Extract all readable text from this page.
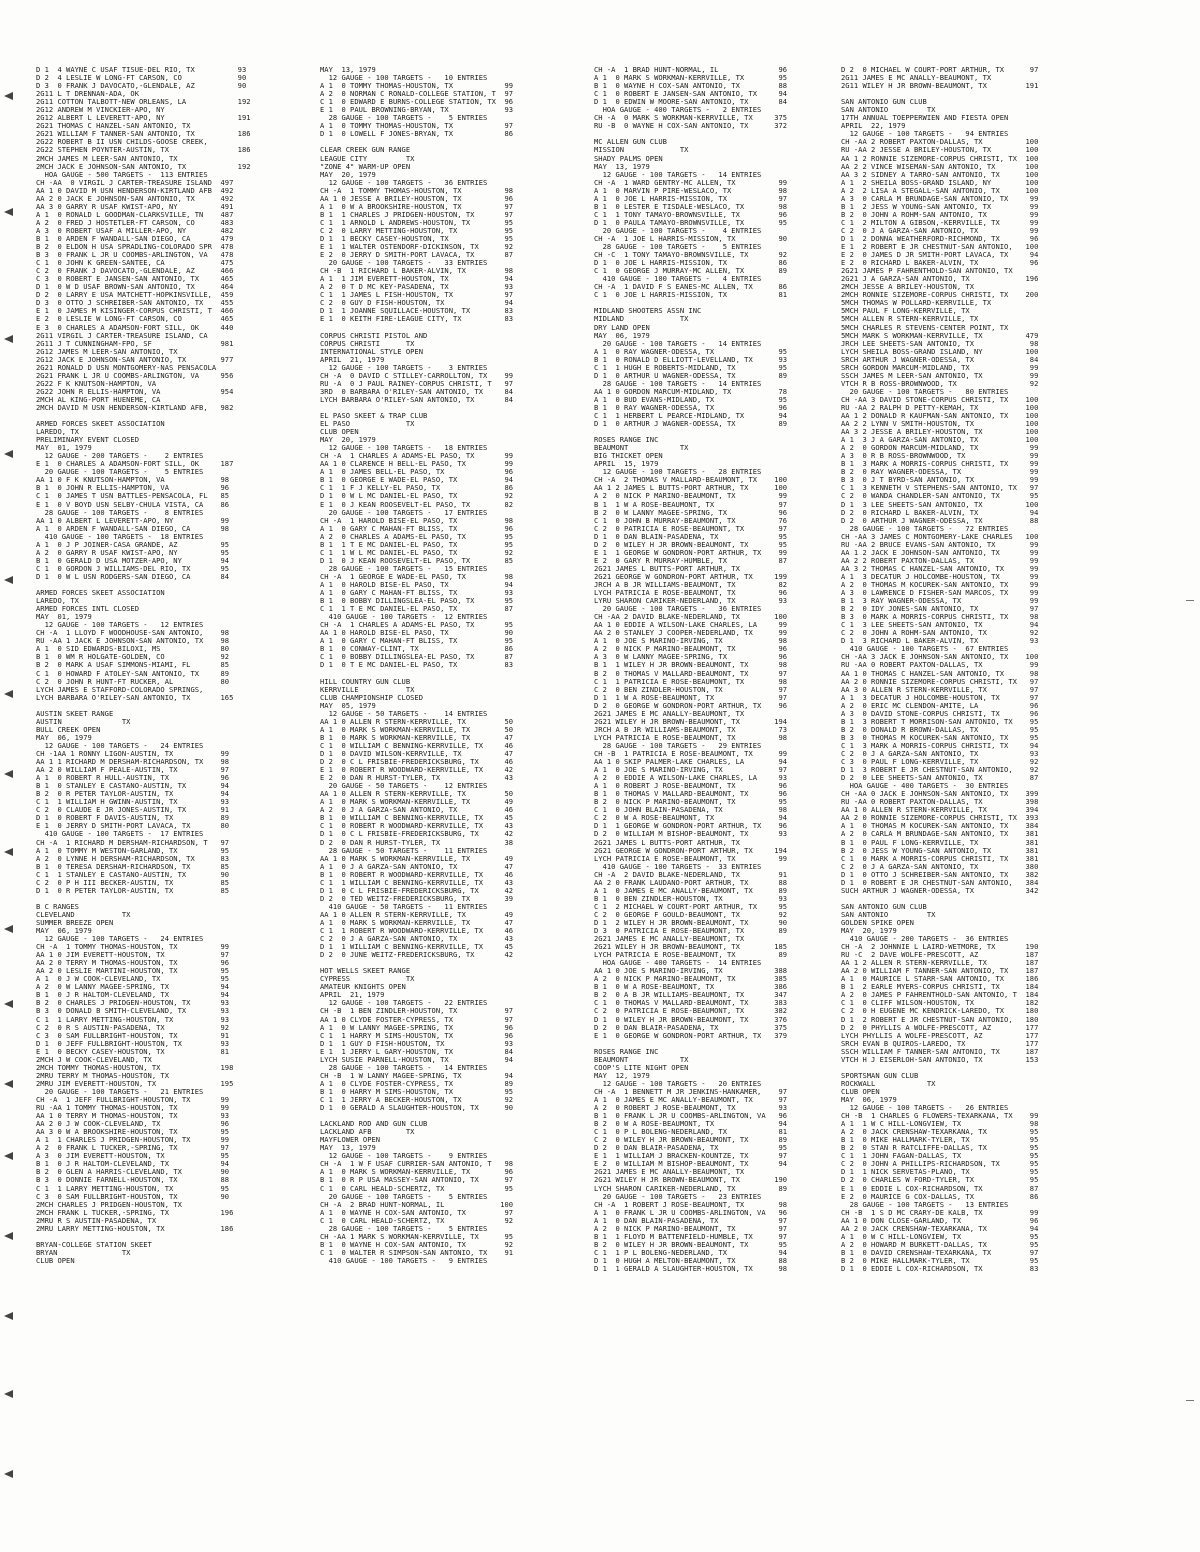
D 1  4 WAYNE C USAF TISUE-DEL RIO, TX          93
D 2  4 LESLIE W LONG-FT CARSON, CO             90
D 3  0 FRANK J DAVOCATO,-GLENDALE, AZ          90
2G11 L T DRENNAN-ADA, OK
2G11 COTTON TALBOTT-NEW ORLEANS, LA            192
2G12 ANDREW M VINCKIER-APO, NY
2G12 ALBERT L LEVERETT-APO, NY                 191
2G21 THOMAS C HANZEL-SAN ANTONIO, TX
2G21 WILLIAM F TANNER-SAN ANTONIO, TX          186
2G22 ROBERT B II USN CHILDS-GOOSE CREEK,
2G22 STEPHEN POYNTER-AUSTIN, TX                186
2MCH JAMES M LEER-SAN ANTONIO, TX
2MCH JACK E JOHNSON-SAN ANTONIO, TX            192
HOA GAUGE - 500 TARGETS -  113 ENTRIES
CH -AA  0 VIRGIL J CARTER-TREASURE ISLAND  497
AA 1 0 DAVID M USN HENDERSON-KIRTLAND AFB  492
AA 2 0 JACK E JOHNSON-SAN ANTONIO, TX      492
AA 3 0 GARRY R USAF KWIST-APO, NY          491
A 1  0 RONALD L GOODMAN-CLARKSVILLE, TN    487
A 2  0 FRED J HOSTETLER-FT CARSON, CO      483
A 3  0 ROBERT USAF A MILLER-APO, NY        482
B 1  0 ARDEN F WANDALL-SAN DIEGO, CA       479
B 2  0 ELDON H USA SPRADLING-COLORADO SPR  478
B 3  0 FRANK L JR U COOMBS-ARLINGTON, VA   478
C 1  0 JOHN K GREEN-SANTEE, CA             475
C 2  0 FRANK J DAVOCATO,-GLENDALE, AZ      466
C 3  0 ROBERT E JANSEN-SAN ANTONIO, TX     465
D 1  0 W D USAF BROWN-SAN ANTONIO, TX      464
D 2  0 LARRY E USA MATCHETT-HOPKINSVILLE,  459
D 3  0 OTTO J SCHREIBER-SAN ANTONIO, TX    455
E 1  0 JAMES M KISINGER-CORPUS CHRISTI, T  466
E 2  0 LESLIE W LONG-FT CARSON, CO         465
E 3  0 CHARLES A ADAMSON-FORT SILL, OK     440
2G11 VIRGIL J CARTER-TREASURE ISLAND, CA
2G11 J T CUNNINGHAM-FPO, SF                981
2G12 JAMES M LEER-SAN ANTONIO, TX
2G12 JACK E JOHNSON-SAN ANTONIO, TX        977
2G21 RONALD D USN MONTGOMERY-NAS PENSACOLA
2G21 FRANK L JR U COOMBS-ARLINGTON, VA     956
2G22 F K KNUTSON-HAMPTON, VA
2G22 JOHN R ELLIS-HAMPTON, VA              954
2MCH AL KING-PORT HUENEME, CA
2MCH DAVID M USN HENDERSON-KIRTLAND AFB,   982
ARMED FORCES SKEET ASSOCIATION
LAREDO, TX
PRELIMINARY EVENT CLOSED
MAY  01, 1979
12 GAUGE - 200 TARGETS -    2 ENTRIES
E 1  0 CHARLES A ADAMSON-FORT SILL, OK     187
20 GAUGE - 100 TARGETS -    5 ENTRIES
AA 1 0 F K KNUTSON-HAMPTON, VA             98
B 1  0 JOHN R ELLIS-HAMPTON, VA            96
C 1  0 JAMES T USN BATTLES-PENSACOLA, FL   85
E 1  0 V BOYD USN SELBY-CHULA VISTA, CA    86
28 GAUGE - 100 TARGETS -    8 ENTRIES
AA 1 0 ALBERT L LEVERETT-APO, NY           99
A 1  0 ARDEN F WANDALL-SAN DIEGO, CA       98
410 GAUGE - 100 TARGETS -  18 ENTRIES
A 1  0 J P JOINER-CASA GRANDE, AZ          95
A 2  0 GARRY R USAF KWIST-APO, NY          95
B 1  0 GERALD D USA MOTZER-APO, NY         94
C 1  0 GORDON J WILLIAMS-DEL RIO, TX       95
D 1  0 W L USN RODGERS-SAN DIEGO, CA       84
ARMED FORCES SKEET ASSOCIATION
LAREDO, TX
ARMED FORCES INTL CLOSED
MAY  01, 1979
12 GAUGE - 100 TARGETS -   12 ENTRIES
CH -A  1 LLOYD F WOODHOUSE-SAN ANTONIO,    98
RU -AA 1 JACK E JOHNSON-SAN ANTONIO, TX    98
A 1  0 SID EDWARDS-BILOXI, MS              80
B 1  0 WM R HOLGATE-GOLDEN, CO             92
B 2  0 MARK A USAF SIMMONS-MIAMI, FL       85
C 1  0 HOWARD F ATOLEY-SAN ANTONIO, TX     89
C 2  0 JOHN R HUNT-FT RUCKER, AL           80
LYCH JAMES E STAFFORD-COLORADO SPRINGS,
LYCH BARBARA O'RILEY-SAN ANTONIO, TX       165
AUSTIN SKEET RANGE
AUSTIN              TX
BULL CREEK OPEN
MAY  06, 1979
12 GAUGE - 100 TARGETS -   24 ENTRIES
CH -1AA 1 RONNY LIGON-AUSTIN, TX           99
AA 1 1 RICHARD M DERSHAM-RICHARDSON, TX    98
AA 2 0 WILLIAM F PEALE-AUSTIN, TX          97
A 1  0 ROBERT R HULL-AUSTIN, TX            96
B 1  0 STANLEY E CASTANO-AUSTIN, TX        94
B 2  0 R PETER TAYLOR-AUSTIN, TX           94
C 1  1 WILLIAM H GWINN-AUSTIN, TX          93
C 2  0 CLAUDE E JR JONES-AUSTIN, TX        91
D 1  0 ROBERT F DAVIS-AUSTIN, TX           89
E 1  0 JERRY D SMITH-PORT LAVACA, TX       80
410 GAUGE - 100 TARGETS -  17 ENTRIES
CH -A  1 RICHARD M DERSHAM-RICHARDSON, T   97
A 1  0 TOMMY M WESTON-GARLAND, TX          95
A 2  0 LYNNE H DERSHAM-RICHARDSON, TX      83
B 1  0 TERESA DERSHAM-RICHARDSON, TX       85
C 1  1 STANLEY E CASTANO-AUSTIN, TX        90
C 2  0 P H III BECKER-AUSTIN, TX           85
D 1  0 R PETER TAYLOR-AUSTIN, TX           85
B C RANGES
CLEVELAND           TX
SUMMER BREEZE OPEN
MAY  06, 1979
12 GAUGE - 100 TARGETS -   24 ENTRIES
CH -A  1 TOMMY THOMAS-HOUSTON, TX          99
AA 1 0 JIM EVERETT-HOUSTON, TX             97
AA 2 0 TERRY M THOMAS-HOUSTON, TX          96
AA 2 0 LESLIE MARTINI-HOUSTON, TX          95
A 1  0 J W COOK-CLEVELAND, TX              95
A 2  0 W LANNY MAGEE-SPRING, TX            94
B 1  0 J R HALTOM-CLEVELAND, TX            94
B 2  0 CHARLES J PRIDGEN-HOUSTON, TX       93
B 3  0 DONALD B SMITH-CLEVELAND, TX        93
C 1  1 LARRY METTING-HOUSTON, TX           93
C 2  0 R S AUSTIN-PASADENA, TX             92
C 3  0 SAM FULLBRIGHT-HOUSTON, TX          91
D 1  0 JEFF FULLBRIGHT-HOUSTON, TX         93
E 1  0 BECKY CASEY-HOUSTON, TX             81
2MCH J W COOK-CLEVELAND, TX
2MCH TOMMY THOMAS-HOUSTON, TX              198
2MRU TERRY M THOMAS-HOUSTON, TX
2MRU JIM EVERETT-HOUSTON, TX               195
20 GAUGE - 100 TARGETS -   21 ENTRIES
CH -A  1 JEFF FULLBRIGHT-HOUSTON, TX       99
RU -AA 1 TOMMY THOMAS-HOUSTON, TX          99
AA 1 0 TERRY M THOMAS-HOUSTON, TX          93
AA 2 0 J W COOK-CLEVELAND, TX              96
AA 3 0 W A BROOKSHIRE-HOUSTON, TX          95
A 1  1 CHARLES J PRIDGEN-HOUSTON, TX       99
A 2  0 FRANK L TUCKER,-SPRING, TX          97
A 3  0 JIM EVERETT-HOUSTON, TX             95
B 1  0 J R HALTOM-CLEVELAND, TX            94
B 2  0 GLEN A HARRIS-CLEVELAND, TX         90
B 3  0 DONNIE FARNELL-HOUSTON, TX          88
C 1  1 LARRY METTING-HOUSTON, TX           95
C 3  0 SAM FULLBRIGHT-HOUSTON, TX          90
2MCH CHARLES J PRIDGEN-HOUSTON, TX
2MCH FRANK L TUCKER,-SPRING, TX            196
2MRU R S AUSTIN-PASADENA, TX
2MRU LARRY METTING-HOUSTON, TX             186
BRYAN-COLLEGE STATION SKEET
BRYAN               TX
CLUB OPEN
MAY  13, 1979
12 GAUGE - 100 TARGETS -   10 ENTRIES
A 1  0 TOMMY THOMAS-HOUSTON, TX            99
A 2  0 NORMAN C RONALD-COLLEGE STATION, T  97
C 1  0 EDWARD E BURNS-COLLEGE STATION, TX  96
E 1  0 PAUL BROWNING-BRYAN, TX             93
28 GAUGE - 100 TARGETS -    5 ENTRIES
A 1  0 TOMMY THOMAS-HOUSTON, TX            97
D 1  0 LOWELL F JONES-BRYAN, TX            86
CLEAR CREEK GUN RANGE
LEAGUE CITY         TX
"ZONE 4" WARM-UP OPEN
MAY  20, 1979
12 GAUGE - 100 TARGETS -   36 ENTRIES
CH -A  1 TOMMY THOMAS-HOUSTON, TX          98
AA 1 0 JESSE A BRILEY-HOUSTON, TX          96
A 1  0 W A BROOKSHIRE-HOUSTON, TX          97
B 1  1 CHARLES J PRIDGEN-HOUSTON, TX       97
C 1  1 ARNOLD L ANDREWS-HOUSTON, TX        95
C 2  0 LARRY METTING-HOUSTON, TX           95
D 1  1 BECKY CASEY-HOUSTON, TX             95
E 1  1 WALTER OSTENDORF-DICKINSON, TX      92
E 2  0 JERRY D SMITH-PORT LAVACA, TX       87
20 GAUGE - 100 TARGETS -   33 ENTRIES
CH -B  1 RICHARD L BAKER-ALVIN, TX         98
A 1  1 JIM EVERETT-HOUSTON, TX             94
A 2  0 T D MC KEY-PASADENA, TX             93
C 1  1 JAMES L FISH-HOUSTON, TX            97
C 2  0 GUY D FISH-HOUSTON, TX              94
D 1  1 JOANNE SQUILLACE-HOUSTON, TX        83
E 1  0 KEITH FIRE-LEAGUE CITY, TX          83
CORPUS CHRISTI PISTOL AND
CORPUS CHRISTI      TX
INTERNATIONAL STYLE OPEN
APRIL  21, 1979
12 GAUGE - 100 TARGETS -    3 ENTRIES
CH -A  0 DAVID C STILLEY-CARROLLTON, TX    99
RU -A  0 J PAUL RAINEY-CORPUS CHRISTI, T   97
3RD  0 BARBARA O'RILEY-SAN ANTONIO, TX     84
LYCH BARBARA O'RILEY-SAN ANTONIO, TX       84
EL PASO SKEET & TRAP CLUB
EL PASO             TX
CLUB OPEN
MAY  20, 1979
12 GAUGE - 100 TARGETS -   18 ENTRIES
CH -A  1 CHARLES A ADAMS-EL PASO, TX       99
AA 1 0 CLARENCE H BELL-EL PASO, TX         99
A 1  0 JAMES BELL-EL PASO, TX              96
B 1  0 GEORGE E WADE-EL PASO, TX           94
C 1  1 F J KELLY-EL PASO, TX               86
D 1  0 W L MC DANIEL-EL PASO, TX           92
E 1  0 J KEAN ROOSEVELT-EL PASO, TX        82
20 GAUGE - 100 TARGETS -   17 ENTRIES
CH -A  1 HAROLD BISE-EL PASO, TX           98
A 1  0 GARY C MAHAN-FT BLISS, TX           96
A 2  0 CHARLES A ADAMS-EL PASO, TX         95
B 1  1 T E MC DANIEL-EL PASO, TX           95
C 1  1 W L MC DANIEL-EL PASO, TX           92
D 1  0 J KEAN ROOSEVELT-EL PASO, TX        85
28 GAUGE - 100 TARGETS -   15 ENTRIES
CH -A  1 GEORGE E WADE-EL PASO, TX         98
A 1  0 HAROLD BISE-EL PASO, TX             94
A 1  0 GARY C MAHAN-FT BLISS, TX           93
B 1  0 BOBBY DILLINGSLEA-EL PASO, TX       95
C 1  1 T E MC DANIEL-EL PASO, TX           87
410 GAUGE - 100 TARGETS -  12 ENTRIES
CH -A  1 CHARLES A ADAMS-EL PASO, TX       95
AA 1 0 HAROLD BISE-EL PASO, TX             90
A 1  0 GARY C MAHAN-FT BLISS, TX           95
B 1  0 CONWAY-CLINT, TX                    86
C 1  0 BOBBY DILLINGSLEA-EL PASO, TX       87
D 1  0 T E MC DANIEL-EL PASO, TX           83
HILL COUNTRY GUN CLUB
KERRVILLE           TX
CLUB CHAMPIONSHIP CLOSED
MAY  05, 1979
12 GAUGE - 50 TARGETS -    14 ENTRIES
AA 1 0 ALLEN R STERN-KERRVILLE, TX         50
A 1  0 MARK S WORKMAN-KERRVILLE, TX        50
B 1  0 MARK S WORKMAN-KERRVILLE, TX        47
C 1  0 WILLIAM C BENNING-KERRVILLE, TX     46
D 1  0 DAVID WILSON-KERRVILLE, TX          47
D 2  0 C L FRISBIE-FREDERICKSBURG, TX      46
E 1  0 ROBERT R WOODWARD-KERRVILLE, TX     42
E 2  0 DAN R HURST-TYLER, TX               43
20 GAUGE - 50 TARGETS -    12 ENTRIES
AA 1 0 ALLEN R STERN-KERRVILLE, TX         50
A 1  0 MARK S WORKMAN-KERRVILLE, TX        49
A 2  0 J A GARZA-SAN ANTONIO, TX           46
B 1  0 WILLIAM C BENNING-KERRVILLE, TX     45
C 1  0 ROBERT R WOODWARD-KERRVILLE, TX     43
D 1  0 C L FRISBIE-FREDERICKSBURG, TX      42
D 2  0 DAN R HURST-TYLER, TX               38
28 GAUGE - 50 TARGETS -    11 ENTRIES
AA 1 0 MARK S WORKMAN-KERRVILLE, TX        49
A 1  0 J A GARZA-SAN ANTONIO, TX           47
B 1  0 ROBERT R WOODWARD-KERRVILLE, TX     46
C 1  1 WILLIAM C BENNING-KERRVILLE, TX     43
D 1  0 C L FRISBIE-FREDERICKSBURG, TX      42
D 2  0 TED WEITZ-FREDERICKSBURG, TX        39
410 GAUGE - 50 TARGETS -   11 ENTRIES
AA 1 0 ALLEN R STERN-KERRVILLE, TX         49
A 1  0 MARK S WORKMAN-KERRVILLE, TX        47
C 1  1 ROBERT R WOODWARD-KERRVILLE, TX     46
C 2  0 J A GARZA-SAN ANTONIO, TX           43
D 1  1 WILLIAM C BENNING-KERRVILLE, TX     45
D 2  0 JUNE WEITZ-FREDERICKSBURG, TX       42
HOT WELLS SKEET RANGE
CYPRESS             TX
AMATEUR KNIGHTS OPEN
APRIL  21, 1979
12 GAUGE - 100 TARGETS -   22 ENTRIES
CH -B  1 BEN ZINDLER-HOUSTON, TX           97
AA 1 0 CLYDE FOSTER-CYPRESS, TX            97
A 1  0 W LANNY MAGEE-SPRING, TX            96
C 1  1 HARRY M SIMS-HOUSTON, TX            96
D 1  1 GUY D FISH-HOUSTON, TX              93
E 1  1 JERRY L GARY-HOUSTON, TX            84
LYCH SUSIE PARNELL-HOUSTON, TX             94
28 GAUGE - 100 TARGETS -   14 ENTRIES
CH -B  1 W LANNY MAGEE-SPRING, TX          94
A 1  0 CLYDE FOSTER-CYPRESS, TX            89
B 1  0 HARRY M SIMS-HOUSTON, TX            95
C 1  1 JERRY A BECKER-HOUSTON, TX          92
D 1  0 GERALD A SLAUGHTER-HOUSTON, TX      90
LACKLAND ROD AND GUN CLUB
LACKLAND AFB        TX
MAYFLOWER OPEN
MAY  13, 1979
12 GAUGE - 100 TARGETS -    9 ENTRIES
CH -A  1 W F USAF CURRIER-SAN ANTONIO, T   98
A 1  0 MARK S WORKMAN-KERRVILLE, TX        96
B 1  0 R P USA MASSEY-SAN ANTONIO, TX      97
C 1  0 CARL HEALD-SCHERTZ, TX              95
20 GAUGE - 100 TARGETS -    5 ENTRIES
CH -A  2 BRAD HUNT-NORMAL, IL             100
A 1  0 WAYNE H COX-SAN ANTONIO, TX         97
C 1  0 CARL HEALD-SCHERTZ, TX              92
28 GAUGE - 100 TARGETS -    5 ENTRIES
CH -AA 1 MARK S WORKMAN-KERRVILLE, TX      95
B 1  0 WAYNE H COX-SAN ANTONIO, TX         92
C 1  0 WALTER R SIMPSON-SAN ANTONIO, TX    91
410 GAUGE - 100 TARGETS -   9 ENTRIES
CH -A  1 BRAD HUNT-NORMAL, IL              96
A 1  0 MARK S WORKMAN-KERRVILLE, TX        95
B 1  0 WAYNE H COX-SAN ANTONIO, TX         88
C 1  0 ROBERT E JANSEN-SAN ANTONIO, TX     94
D 1  0 EDWIN W MOORE-SAN ANTONIO, TX       84
HOA GAUGE - 400 TARGETS -   2 ENTRIES
CH -A  0 MARK S WORKMAN-KERRVILLE, TX     375
RU -B  0 WAYNE H COX-SAN ANTONIO, TX      372
MC ALLEN GUN CLUB
MISSION             TX
SHADY PALMS OPEN
MAY  13, 1979
12 GAUGE - 100 TARGETS -   14 ENTRIES
CH -A  1 WARD GENTRY-MC ALLEN, TX          99
A 1  0 MARVIN P PIRE-WESLACO, TX           98
A 1  0 JOE L HARRIS-MISSION, TX            97
B 1  0 LESTER E TISDALE-WESLACO, TX        98
C 1  1 TONY TAMAYO-BROWNSVILLE, TX         96
D 1  0 PAULA TAMAYO-BROWNSVILLE, TX        95
20 GAUGE - 100 TARGETS -    4 ENTRIES
CH -A  1 JOE L HARRIS-MISSION, TX          90
28 GAUGE - 100 TARGETS -    5 ENTRIES
CH -C  1 TONY TAMAYO-BROWNSVILLE, TX       92
D 1  0 JOE L HARRIS-MISSION, TX            86
C 1  0 GEORGE J MURRAY-MC ALLEN, TX        89
410 GAUGE - 100 TARGETS -   4 ENTRIES
CH -A  1 DAVID F S EANES-MC ALLEN, TX      86
C 1  0 JOE L HARRIS-MISSION, TX            81
MIDLAND SHOOTERS ASSN INC
MIDLAND             TX
DRY LAND OPEN
MAY  06, 1979
20 GAUGE - 100 TARGETS -   14 ENTRIES
A 1  0 RAY WAGNER-ODESSA, TX               95
B 1  0 RONALD D ELLIOTT-LEVELLAND, TX      93
C 1  1 HUGH E ROBERTS-MIDLAND, TX          95
D 1  0 ARTHUR U WAGNER-ODESSA, TX          89
28 GAUGE - 100 TARGETS -   14 ENTRIES
AA 1 0 GORDON MARCUM-MIDLAND, TX           78
A 1  0 BUD EVANS-MIDLAND, TX               95
B 1  0 RAY WAGNER-ODESSA, TX               96
C 1  1 HERBERT L PEARCE-MIDLAND, TX        94
D 1  0 ARTHUR J WAGNER-ODESSA, TX          89
ROSES RANGE INC
BEAUMONT            TX
BIG THICKET OPEN
APRIL  15, 1979
12 GAUGE - 100 TARGETS -   28 ENTRIES
CH -A  2 THOMAS V MALLARD-BEAUMONT, TX    100
AA 1 2 JAMES L BUTTS-PORT ARTHUR, TX      100
A 2  0 NICK P MARINO-BEAUMONT, TX          99
B 1  1 W A ROSE-BEAUMONT, TX               97
B 2  0 W LANNY MAGEE-SPRING, TX            96
C 1  0 JOHN B MURRAY-BEAUMONT, TX          76
C 2  0 PATRICIA E ROSE-BEAUMONT, TX        97
D 1  0 DAN BLAIN-PASADENA, TX              95
D 2  0 WILEY H JR BROWN-BEAUMONT, TX       95
E 1  1 GEORGE W GONDRON-PORT ARTHUR, TX    99
E 2  0 GARY R MURRAY-HUMBLE, TX            87
2G21 JAMES L BUTTS-PORT ARTHUR, TX
2G21 GEORGE W GONDRON-PORT ARTHUR, TX     199
JRCH A B JR WILLIAMS-BEAUMONT, TX          82
LYCH PATRICIA E ROSE-BEAUMONT, TX          96
LYRU SHARON CARIKER-NEDERLAND, TX          93
20 GAUGE - 100 TARGETS -   36 ENTRIES
CH -AA 2 DAVID BLAKE-NEDERLAND, TX        100
AA 1 0 EDDIE A WILSON-LAKE CHARLES, LA     99
AA 2 0 STANLEY J COOPER-NEDERLAND, TX      99
A 1  0 JOE S MARINO-IRVING, TX             98
A 2  0 NICK P MARINO-BEAUMONT, TX          96
A 3  0 W LANNY MAGEE-SPRING, TX            96
B 1  1 WILEY H JR BROWN-BEAUMONT, TX       98
B 2  0 THOMAS V MALLARD-BEAUMONT, TX       97
C 1  1 PATRICIA E ROSE-BEAUMONT, TX        98
C 2  0 BEN ZINDLER-HOUSTON, TX             97
D 1  1 W A ROSE-BEAUMONT, TX               97
D 2  0 GEORGE W GONDRON-PORT ARTHUR, TX    96
2G21 JAMES E MC ANALLY-BEAUMONT, TX
2G21 WILEY H JR BROWN-BEAUMONT, TX        194
JRCH A B JR WILLIAMS-BEAUMONT, TX          73
LYCH PATRICIA E ROSE-BEAUMONT, TX          98
28 GAUGE - 100 TARGETS -   29 ENTRIES
CH -B  1 PATRICIA E ROSE-BEAUMONT, TX      99
AA 1 0 SKIP PALMER-LAKE CHARLES, LA        94
A 1  0 JOE S MARINO-IRVING, TX             97
A 2  0 EDDIE A WILSON-LAKE CHARLES, LA     93
A 1  0 ROBERT J ROSE-BEAUMONT, TX          96
B 1  0 THOMAS V MALLARD-BEAUMONT, TX       96
B 2  0 NICK P MARINO-BEAUMONT, TX          95
C 1  0 JOHN BLAIN-PASADENA, TX             98
C 2  0 W A ROSE-BEAUMONT, TX               94
D 1  1 GEORGE W GONDRON-PORT ARTHUR, TX    96
D 2  0 WILLIAM M BISHOP-BEAUMONT, TX       93
2G21 JAMES L BUTTS-PORT ARTHUR, TX
2G21 GEORGE W GONDRON-PORT ARTHUR, TX     194
LYCH PATRICIA E ROSE-BEAUMONT, TX          99
410 GAUGE - 100 TARGETS -  33 ENTRIES
CH -A  2 DAVID BLAKE-NEDERLAND, TX         91
AA 2 0 FRANK LAUDANO-PORT ARTHUR, TX       88
A 1  0 JAMES E MC ANALLY-BEAUMONT, TX      89
B 1  0 BEN ZINDLER-HOUSTON, TX             93
C 1  2 MICHAEL W COURT-PORT ARTHUR, TX     95
C 2  0 GEORGE F GOULD-BEAUMONT, TX         92
D 1  2 WILEY H JR BROWN-BEAUMONT, TX       90
D 3  0 PATRICIA E ROSE-BEAUMONT, TX        89
2G21 JAMES E MC ANALLY-BEAUMONT, TX
2G21 WILEY H JR BROWN-BEAUMONT, TX        185
LYCH PATRICIA E ROSE-BEAUMONT, TX          89
HOA GAUGE - 400 TARGETS -  14 ENTRIES
AA 1 0 JOE S MARINO-IRVING, TX            388
A 2  0 NICK P MARINO-BEAUMONT, TX         385
B 1  0 W A ROSE-BEAUMONT, TX              386
B 2  0 A B JR WILLIAMS-BEAUMONT, TX       347
C 1  0 THOMAS V MALLARD-BEAUMONT, TX      383
C 2  0 PATRICIA E ROSE-BEAUMONT, TX       382
D 1  0 WILEY H JR BROWN-BEAUMONT, TX      376
D 2  0 DAN BLAIR-PASADENA, TX             375
E 1  0 GEORGE W GONDRON-PORT ARTHUR, TX   379
ROSES RANGE INC
BEAUMONT            TX
COOP'S LITE NIGHT OPEN
MAY  12, 1979
12 GAUGE - 100 TARGETS -   20 ENTRIES
CH -A  1 BENNETT M JR JENKINS-HANKAMER,    97
A 1  0 JAMES E MC ANALLY-BEAUMONT, TX      97
A 2  0 ROBERT J ROSE-BEAUMONT, TX          93
B 1  0 FRANK L JR U COOMBS-ARLINGTON, VA   96
B 2  0 W A ROSE-BEAUMONT, TX               94
C 1  0 P L BOLENG-NEDERLAND, TX            81
C 2  0 WILEY H JR BROWN-BEAUMONT, TX       89
D 2  0 DAN BLAIR-PASADENA, TX              95
E 1  1 WILLIAM J BRACKEN-KOUNTZE, TX       97
E 2  0 WILLIAM M BISHOP-BEAUMONT, TX       94
2G21 JAMES E MC ANALLY-BEAUMONT, TX
2G21 WILEY H JR BROWN-BEAUMONT, TX        190
LYCH SHARON CARIKER-NEDERLAND, TX          89
20 GAUGE - 100 TARGETS -   23 ENTRIES
CH -A  1 ROBERT J ROSE-BEAUMONT, TX        98
A 1  0 FRANK L JR U COOMBS-ARLINGTON, VA   96
A 1  0 DAN BLAIN-PASADENA, TX              97
A 2  0 NICK P MARINO-BEAUMONT, TX          97
B 1  1 FLOYD M BATTENFIELD-HUMBLE, TX      97
B 2  0 WILEY H JR BROWN-BEAUMONT, TX       95
C 1  1 P L BOLENG-NEDERLAND, TX            94
D 1  0 HUGH A MELTON-BEAUMONT, TX          88
D 1  1 GERALD A SLAUGHTER-HOUSTON, TX      98
D 2  0 MICHAEL W COURT-PORT ARTHUR, TX      97
2G11 JAMES E MC ANALLY-BEAUMONT, TX
2G11 WILEY H JR BROWN-BEAUMONT, TX         191
SAN ANTONIO GUN CLUB
SAN ANTONIO         TX
17TH ANNUAL TOEPPERWIEN AND FIESTA OPEN
APRIL  22, 1979
12 GAUGE - 100 TARGETS -   94 ENTRIES
CH -AA 2 ROBERT PAXTON-DALLAS, TX          100
RU -AA 2 JESSE A BRILEY-HOUSTON, TX        100
AA 1 2 RONNIE SIZEMORE-CORPUS CHRISTI, TX  100
AA 2 2 VINCE WISEMAN-SAN ANTONIO, TX       100
AA 3 2 SIDNEY A TARRO-SAN ANTONIO, TX      100
A 1  2 SHEILA BOSS-GRAND ISLAND, NY        100
A 2  2 LISA A STEGALL-SAN ANTONIO, TX      100
A 3  0 CARLA M BRUNDAGE-SAN ANTONIO, TX     99
B 1  2 JESS W YOUNG-SAN ANTONIO, TX         99
B 2  0 JOHN A ROHM-SAN ANTONIO, TX          99
C 1  2 MILTON A GIBSON,-KERRVILLE, TX       99
C 2  0 J A GARZA-SAN ANTONIO, TX            99
D 1  2 DONNA WEATHERFORD-RICHMOND, TX       96
E 1  2 ROBERT E JR CHESTNUT-SAN ANTONIO,   100
E 2  0 JAMES D JR SMITH-PORT LAVACA, TX     94
E 2  0 RICHARD L BAKER-ALVIN, TX            96
2G21 JAMES P FAHRENTHOLD-SAN ANTONIO, TX
2G21 J A GARZA-SAN ANTONIO, TX             196
2MCH JESSE A BRILEY-HOUSTON, TX
2MCH RONNIE SIZEMORE-CORPUS CHRISTI, TX    200
5MCH THOMAS W POLLARD-KERRVILLE, TX
5MCH PAUL F LONG-KERRVILLE, TX
5MCH ALLEN R STERN-KERRVILLE, TX
5MCH CHARLES R STEVENS-CENTER POINT, TX
5MCH MARK S WORKMAN-KERRVILLE, TX          479
JRCH LEE SHEETS-SAN ANTONIO, TX             98
LYCH SHEILA BOSS-GRAND ISLAND, NY          100
SRCH ARTHUR J WAGNER-ODESSA, TX             84
SRCH GORDON MARCUM-MIDLAND, TX              99
SSCH JAMES M LEER-SAN ANTONIO, TX           99
VTCH R B ROSS-BROWNWOOD, TX                 92
20 GAUGE - 100 TARGETS -   80 ENTRIES
CH -AA 3 DAVID STONE-CORPUS CHRISTI, TX    100
RU -AA 2 RALPH D PETTY-KEMAH, TX           100
AA 1 2 DONALD R KAUFMAN-SAN ANTONIO, TX    100
AA 2 2 LYNN V SMITH-HOUSTON, TX            100
AA 3 2 JESSE A BRILEY-HOUSTON, TX          100
A 1  3 J A GARZA-SAN ANTONIO, TX           100
A 2  0 GORDON MARCUM-MIDLAND, TX            99
A 3  0 R B ROSS-BROWNWOOD, TX               99
B 1  3 MARK A MORRIS-CORPUS CHRISTI, TX     99
B 2  0 RAY WAGNER-ODESSA, TX                99
B 3  0 J T BYRD-SAN ANTONIO, TX             99
C 1  3 KENNETH V STEPHENS-SAN ANTONIO, TX   97
C 2  0 WANDA CHANDLER-SAN ANTONIO, TX       95
D 1  3 LEE SHEETS-SAN ANTONIO, TX          100
D 2  0 RICHARD L BAKER-ALVIN, TX            94
D 2  0 ARTHUR J WAGNER-ODESSA, TX           88
28 GAUGE - 100 TARGETS -   72 ENTRIES
CH -AA 3 JAMES C MONTGOMERY-LAKE CHARLES   100
RU -AA 2 BRUCE EVANS-SAN ANTONIO, TX        99
AA 1 2 JACK E JOHNSON-SAN ANTONIO, TX       99
AA 2 2 ROBERT PAXTON-DALLAS, TX             99
AA 3 2 THOMAS C HANZEL-SAN ANTONIO, TX      99
A 1  3 DECATUR J HOLCOMBE-HOUSTON, TX       99
A 2  0 THOMAS M KOCUREK-SAN ANTONIO, TX     99
A 3  0 LAWRENCE D FISHER-SAN MARCOS, TX     99
B 1  3 RAY WAGNER-ODESSA, TX                99
B 2  0 IDY JONES-SAN ANTONIO, TX            97
B 3  0 MARK A MORRIS-CORPUS CHRISTI, TX     98
C 1  3 LEE SHEETS-SAN ANTONIO, TX           94
C 2  0 JOHN A ROHM-SAN ANTONIO, TX          92
D 1  3 RICHARD L BAKER-ALVIN, TX            93
410 GAUGE - 100 TARGETS -  67 ENTRIES
CH -AA 3 JACK E JOHNSON-SAN ANTONIO, TX    100
RU -AA 0 ROBERT PAXTON-DALLAS, TX           99
AA 1 0 THOMAS C HANZEL-SAN ANTONIO, TX      98
AA 2 0 RONNIE SIZEMORE-CORPUS CHRISTI, TX   97
AA 3 0 ALLEN R STERN-KERRVILLE, TX          97
A 1  3 DECATUR J HOLCOMBE-HOUSTON, TX       97
A 2  0 ERIC MC CLENDON-AMITE, LA            96
A 3  0 DAVID STONE-CORPUS CHRISTI, TX       96
B 1  3 ROBERT T MORRISON-SAN ANTONIO, TX    95
B 2  0 DONALD R BROWN-DALLAS, TX            95
B 3  0 THOMAS M KOCUREK-SAN ANTONIO, TX     95
C 1  3 MARK A MORRIS-CORPUS CHRISTI, TX     94
C 2  0 J A GARZA-SAN ANTONIO, TX            93
C 3  0 PAUL F LONG-KERRVILLE, TX            92
D 1  3 ROBERT E JR CHESTNUT-SAN ANTONIO,    92
D 2  0 LEE SHEETS-SAN ANTONIO, TX           87
HOA GAUGE - 400 TARGETS -  30 ENTRIES
CH -AA 0 JACK E JOHNSON-SAN ANTONIO, TX    399
RU -AA 0 ROBERT PAXTON-DALLAS, TX          398
AA 1 0 ALLEN R STERN-KERRVILLE, TX         394
AA 2 0 RONNIE SIZEMORE-CORPUS CHRISTI, TX  393
A 1  0 THOMAS M KOCUREK-SAN ANTONIO, TX    384
A 2  0 CARLA M BRUNDAGE-SAN ANTONIO, TX    381
B 1  0 PAUL F LONG-KERRVILLE, TX           381
B 2  0 JESS W YOUNG-SAN ANTONIO, TX        381
C 1  0 MARK A MORRIS-CORPUS CHRISTI, TX    381
C 2  0 J A GARZA-SAN ANTONIO, TX           380
D 1  0 OTTO J SCHREIBER-SAN ANTONIO, TX    382
D 1  0 ROBERT E JR CHESTNUT-SAN ANTONIO,   384
SUCH ARTHUR J WAGNER-ODESSA, TX            342
SAN ANTONIO GUN CLUB
SAN ANTONIO         TX
GOLDEN SPIKE OPEN
MAY  20, 1979
410 GAUGE - 200 TARGETS -  36 ENTRIES
CH -A  2 JOHNNIE L LAIRD-WETMORE, TX       190
RU -C  2 DAVE WOLFE-PRESCOTT, AZ           187
AA 1 2 ALLEN R STERN-KERRVILLE, TX         187
AA 2 0 WILLIAM F TANNER-SAN ANTONIO, TX    187
A 1  0 MAURICE L STARR-SAN ANTONIO, TX     186
B 1  2 EARLE MYERS-CORPUS CHRISTI, TX      184
A 2  0 JAMES P FAHRENTHOLD-SAN ANTONIO, T  184
C 1  0 CLIFF WILSON-HOUSTON, TX            182
C 2  0 H EUGENE MC KENDRICK-LAREDO, TX     180
D 1  2 ROBERT E JR CHESTNUT-SAN ANTONIO,   180
D 2  0 PHYLLIS A WOLFE-PRESCOTT, AZ        177
LYCH PHYLLIS A WOLFE-PRESCOTT, AZ          177
SRCH EVAN B QUIROS-LAREDO, TX              177
SSCH WILLIAM F TANNER-SAN ANTONIO, TX      187
VTCH H J EISERLOH-SAN ANTONIO, TX          153
SPORTSMAN GUN CLUB
ROCKWALL            TX
CLUB OPEN
MAY  06, 1979
12 GAUGE - 100 TARGETS -   26 ENTRIES
CH -B  1 CHARLES G FLOWERS-TEXARKANA, TX    99
A 1  1 W C HILL-LONGVIEW, TX                98
A 2  0 JACK CRENSHAW-TEXARKANA, TX          95
B 1  0 MIKE HALLMARK-TYLER, TX              95
B 2  0 STAN R RATCLIFFE-DALLAS, TX          95
C 1  1 JOHN FAGAN-DALLAS, TX                95
C 2  0 JOHN A PHILLIPS-RICHARDSON, TX       95
D 1  1 NICK SERVETAS-PLANO, TX              95
D 2  0 CHARLES W FORD-TYLER, TX             95
E 1  0 EDDIE L COX-RICHARDSON, TX           87
E 2  0 MAURICE G COX-DALLAS, TX             86
28 GAUGE - 100 TARGETS -   13 ENTRIES
CH -B  1 S D MC CRARY-DE KALB, TX           99
AA 1 0 DON CLOSE-GARLAND, TX                96
AA 2 0 JACK CRENSHAW-TEXARKANA, TX          94
A 1  0 W C HILL-LONGVIEW, TX                95
A 2  0 HOWARD M BURKETT-DALLAS, TX          95
B 1  0 DAVID CRENSHAW-TEXARKANA, TX         97
B 2  0 MIKE HALLMARK-TYLER, TX              95
D 1  0 EDDIE L COX-RICHARDSON, TX           83
